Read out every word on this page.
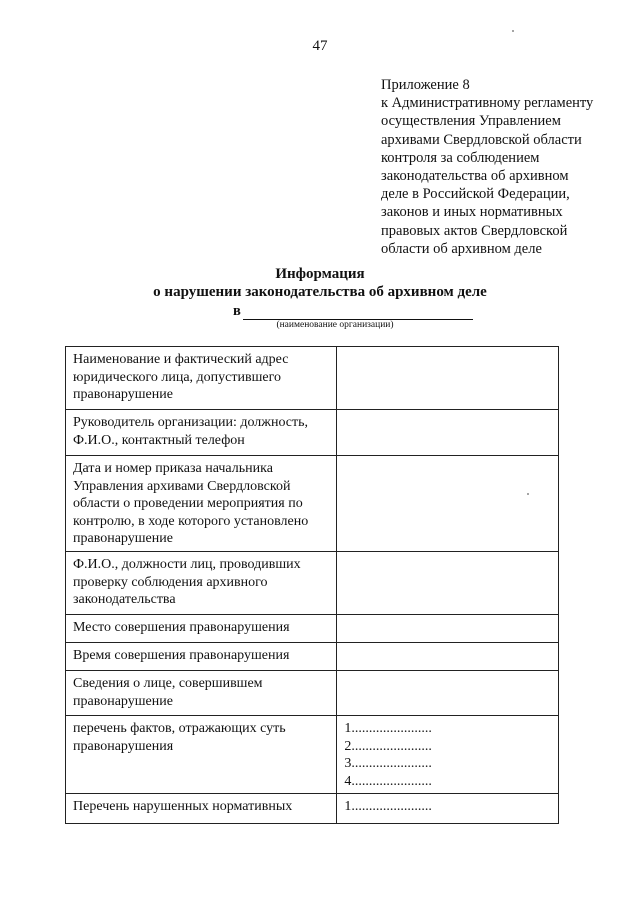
47
Приложение 8
к Административному регламенту
осуществления Управлением
архивами Свердловской области
контроля за соблюдением
законодательства об архивном
деле в Российской Федерации,
законов и иных нормативных
правовых актов Свердловской
области об архивном деле
Информация
о нарушении законодательства об архивном деле
в
(наименование организации)
Наименование и фактический адрес юридического лица, допустившего правонарушение	
Руководитель организации: должность, Ф.И.О., контактный телефон	
Дата и номер приказа начальника Управления архивами Свердловской области о проведении мероприятия по контролю, в ходе которого установлено правонарушение	
Ф.И.О., должности лиц, проводивших проверку соблюдения архивного законодательства	
Место совершения правонарушения	
Время совершения правонарушения	
Сведения о лице, совершившем правонарушение	
перечень фактов, отражающих суть правонарушения	1.......................
2.......................
3.......................
4.......................

Перечень нарушенных нормативных	1.......................
